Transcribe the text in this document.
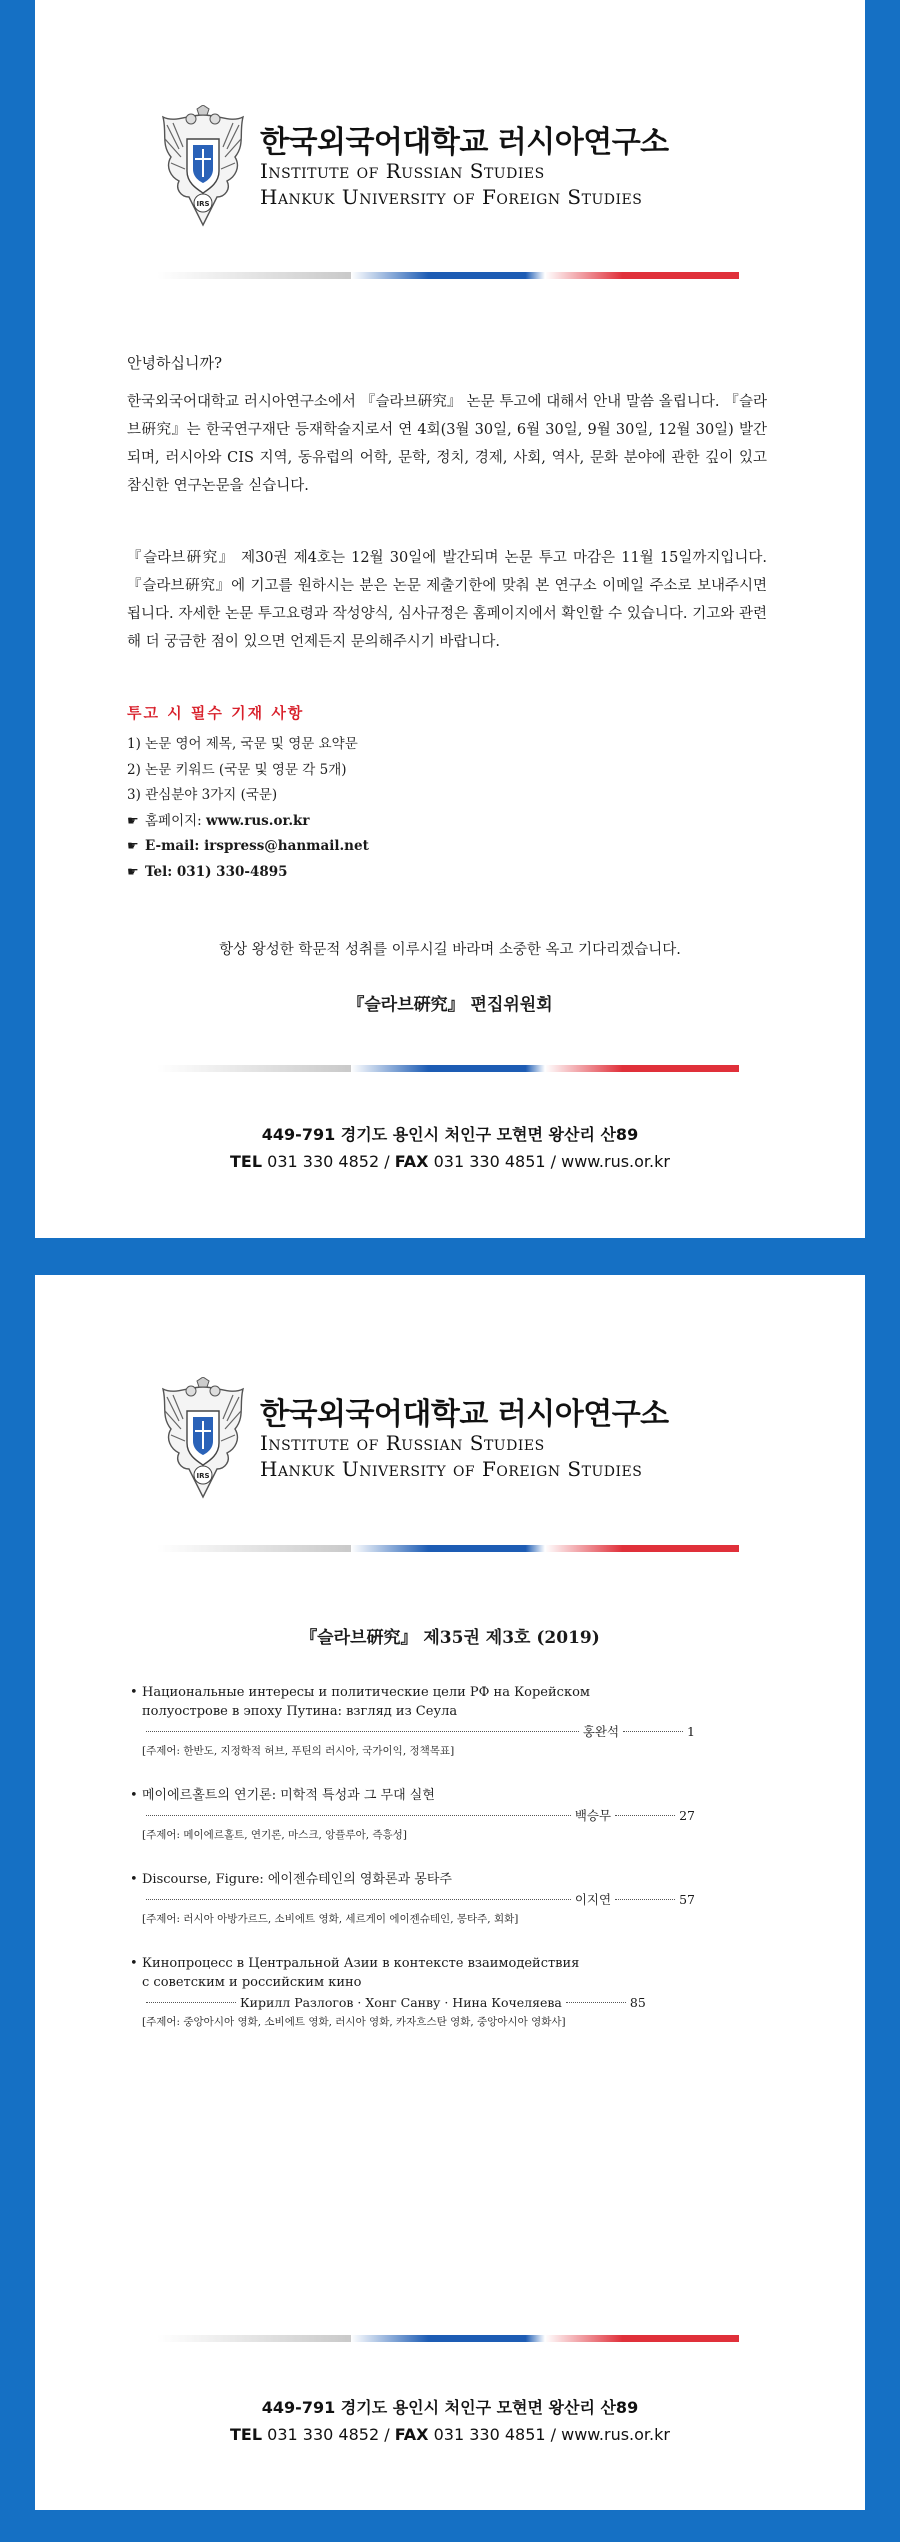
IRS
한국외국어대학교 러시아연구소
Institute of Russian Studies
Hankuk University of Foreign Studies
안녕하십니까?
한국외국어대학교 러시아연구소에서 『슬라브硏究』 논문 투고에 대해서 안내 말씀 올립니다. 『슬라브硏究』는 한국연구재단 등재학술지로서 연 4회(3월 30일, 6월 30일, 9월 30일, 12월 30일) 발간되며, 러시아와 CIS 지역, 동유럽의 어학, 문학, 정치, 경제, 사회, 역사, 문화 분야에 관한 깊이 있고 참신한 연구논문을 싣습니다.
『슬라브硏究』 제30권 제4호는 12월 30일에 발간되며 논문 투고 마감은 11월 15일까지입니다. 『슬라브硏究』에 기고를 원하시는 분은 논문 제출기한에 맞춰 본 연구소 이메일 주소로 보내주시면 됩니다. 자세한 논문 투고요령과 작성양식, 심사규정은 홈페이지에서 확인할 수 있습니다. 기고와 관련해 더 궁금한 점이 있으면 언제든지 문의해주시기 바랍니다.
투고 시 필수 기재 사항
1) 논문 영어 제목, 국문 및 영문 요약문
2) 논문 키워드 (국문 및 영문 각 5개)
3) 관심분야 3가지 (국문)
☛ 홈페이지: www.rus.or.kr
☛ E-mail: irspress@hanmail.net
☛ Tel: 031) 330-4895
항상 왕성한 학문적 성취를 이루시길 바라며 소중한 옥고 기다리겠습니다.
『슬라브硏究』 편집위원회
449-791 경기도 용인시 처인구 모현면 왕산리 산89
TEL 031 330 4852 / FAX 031 330 4851 / www.rus.or.kr
IRS
한국외국어대학교 러시아연구소
Institute of Russian Studies
Hankuk University of Foreign Studies
『슬라브硏究』 제35권 제3호 (2019)
• Национальные интересы и политические цели РФ на Корейском
полуострове в эпоху Путина: взгляд из Сеула
홍완석	1
[주제어: 한반도, 지정학적 허브, 푸틴의 러시아, 국가이익, 정책목표]
• 메이에르홀트의 연기론: 미학적 특성과 그 무대 실현
백승무	27
[주제어: 메이에르홀트, 연기론, 마스크, 앙플루아, 즉흥성]
• Discourse, Figure: 에이젠슈테인의 영화론과 몽타주
이지연	57
[주제어: 러시아 아방가르드, 소비에트 영화, 세르게이 에이젠슈테인, 몽타주, 회화]
• Кинопроцесс в Центральной Азии в контексте взаимодействия
с советским и российским кино
Кирилл Разлогов · Хонг Санву · Нина Кочеляева	85
[주제어: 중앙아시아 영화, 소비에트 영화, 러시아 영화, 카자흐스탄 영화, 중앙아시아 영화사]
449-791 경기도 용인시 처인구 모현면 왕산리 산89
TEL 031 330 4852 / FAX 031 330 4851 / www.rus.or.kr
